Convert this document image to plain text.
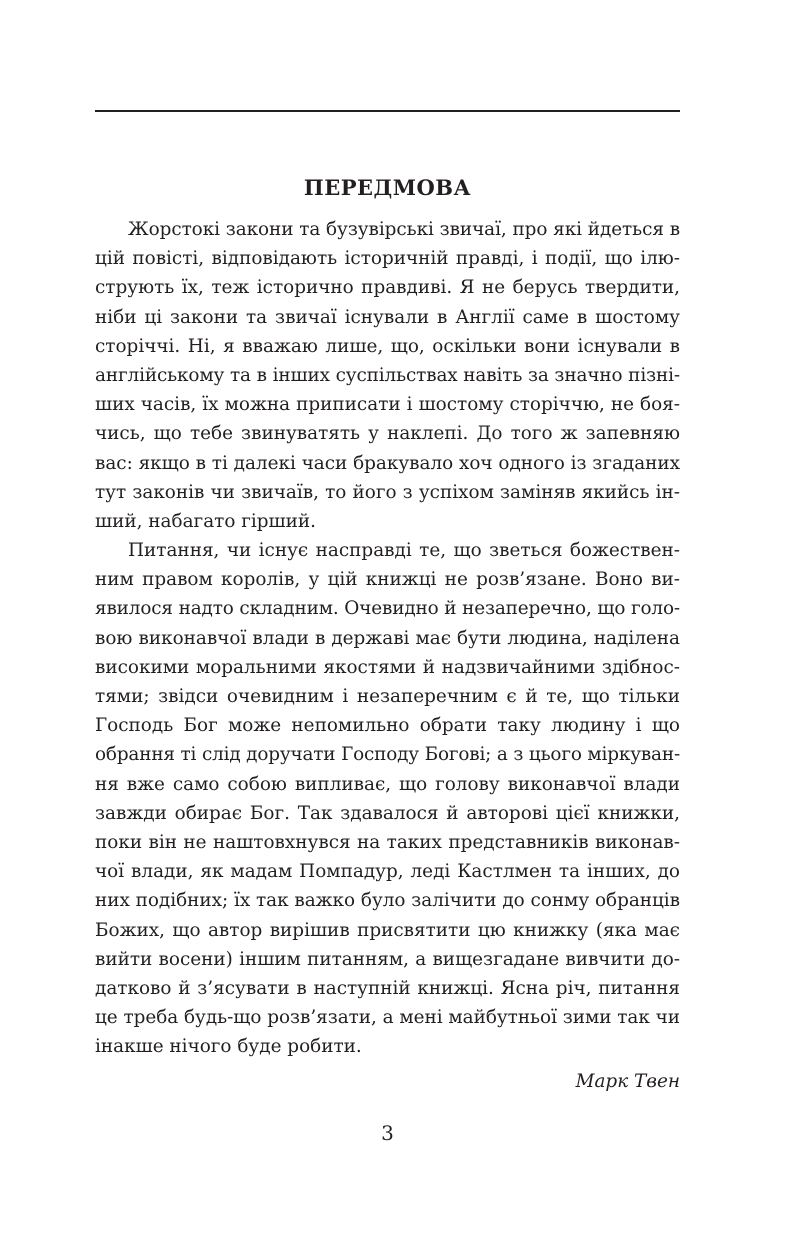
ПЕРЕДМОВА
Жорстокі закони та бузувірські звичаї, про які йдеться в
цій повісті, відповідають історичній правді, і події, що ілю-
струють їх, теж історично правдиві. Я не берусь твердити,
ніби ці закони та звичаї існували в Англії саме в шостому
сторіччі. Ні, я вважаю лише, що, оскільки вони існували в
англійському та в інших суспільствах навіть за значно пізні-
ших часів, їх можна приписати і шостому сторіччю, не боя-
чись, що тебе звинуватять у наклепі. До того ж запевняю
вас: якщо в ті далекі часи бракувало хоч одного із згаданих
тут законів чи звичаїв, то його з успіхом заміняв якийсь ін-
ший, набагато гірший.
Питання, чи існує насправді те, що зветься божествен-
ним правом королів, у цій книжці не розв’язане. Воно ви-
явилося надто складним. Очевидно й незаперечно, що голо-
вою виконавчої влади в державі має бути людина, наділена
високими моральними якостями й надзвичайними здібнос-
тями; звідси очевидним і незаперечним є й те, що тільки
Господь Бог може непомильно обрати таку людину і що
обрання ті слід доручати Господу Богові; а з цього міркуван-
ня вже само собою випливає, що голову виконавчої влади
завжди обирає Бог. Так здавалося й авторові цієї книжки,
поки він не наштовхнувся на таких представників виконав-
чої влади, як мадам Помпадур, леді Кастлмен та інших, до
них подібних; їх так важко було залічити до сонму обранців
Божих, що автор вирішив присвятити цю книжку (яка має
вийти восени) іншим питанням, а вищезгадане вивчити до-
датково й з’ясувати в наступній книжці. Ясна річ, питання
це треба будь-що розв’язати, а мені майбутньої зими так чи
інакше нічого буде робити.

Марк Твен

3
